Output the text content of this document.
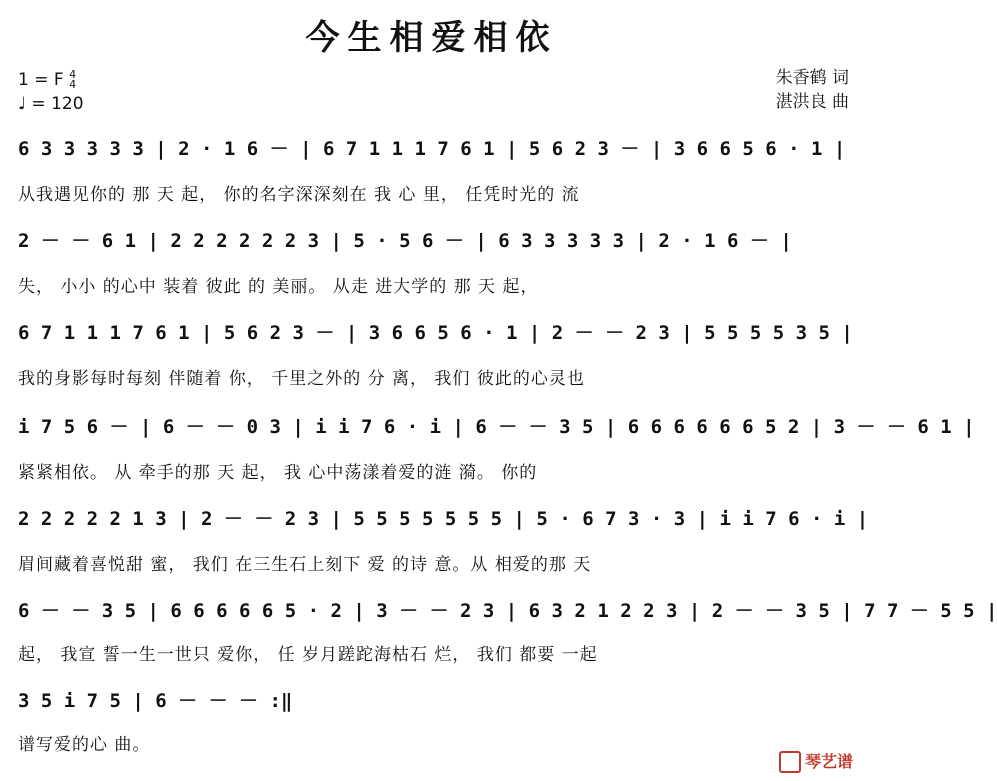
今生相爱相依
1 = F 4
4
♩ = 120
朱香鹤 词
湛洪良 曲
6 3 3 3 3 3 | 2 · 1 6 － | 6 7 1 1 1 7 6 1 | 5 6 2 3 － | 3 6 6 5 6 · 1 |
从我遇见你的 那 天 起， 你的名字深深刻在 我 心 里， 任凭时光的 流
2 － － 6 1 | 2 2 2 2 2 2 3 | 5 · 5 6 － | 6 3 3 3 3 3 | 2 · 1 6 － |
失， 小小 的心中 装着 彼此 的 美丽。 从走 进大学的 那 天 起，
6 7 1 1 1 7 6 1 | 5 6 2 3 － | 3 6 6 5 6 · 1 | 2 － － 2 3 | 5 5 5 5 3 5 |
我的身影每时每刻 伴随着 你， 千里之外的 分 离， 我们 彼此的心灵也
i 7 5 6 － | 6 － － 0 3 | i i 7 6 · i | 6 － － 3 5 | 6 6 6 6 6 6 5 2 | 3 － － 6 1 |
紧紧相依。 从 牵手的那 天 起， 我 心中荡漾着爱的涟 漪。 你的
2 2 2 2 2 1 3 | 2 － － 2 3 | 5 5 5 5 5 5 5 | 5 · 6 7 3 · 3 | i i 7 6 · i |
眉间藏着喜悦甜 蜜， 我们 在三生石上刻下 爱 的诗 意。从 相爱的那 天
6 － － 3 5 | 6 6 6 6 6 5 · 2 | 3 － － 2 3 | 6 3 2 1 2 2 3 | 2 － － 3 5 | 7 7 － 5 5 |
起， 我宣 誓一生一世只 爱你， 任 岁月蹉跎海枯石 烂， 我们 都要 一起
3 5 i 7 5 | 6 － － － :‖
谱写爱的心 曲。
琴艺谱
